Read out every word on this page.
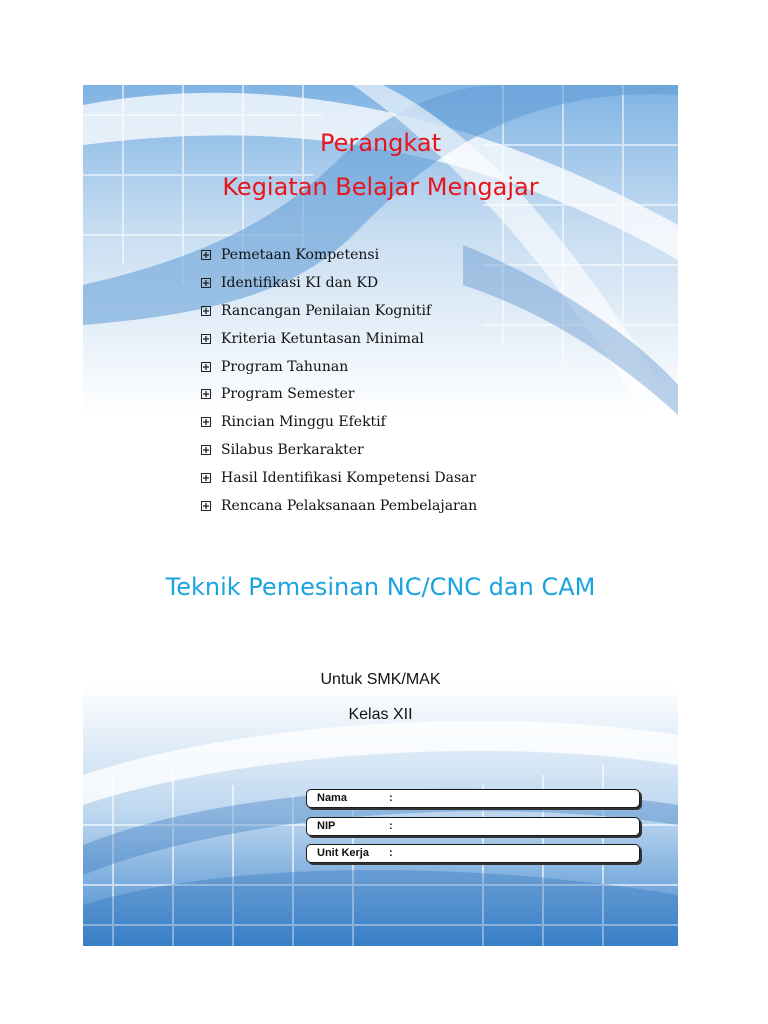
Perangkat
Kegiatan Belajar Mengajar
Pemetaan Kompetensi
Identifikasi KI dan KD
Rancangan Penilaian Kognitif
Kriteria Ketuntasan Minimal
Program Tahunan
Program Semester
Rincian Minggu Efektif
Silabus Berkarakter
Hasil Identifikasi Kompetensi Dasar
Rencana Pelaksanaan Pembelajaran
Teknik Pemesinan NC/CNC dan CAM
Untuk SMK/MAK
Kelas XII
Nama	:
NIP	:
Unit Kerja :
